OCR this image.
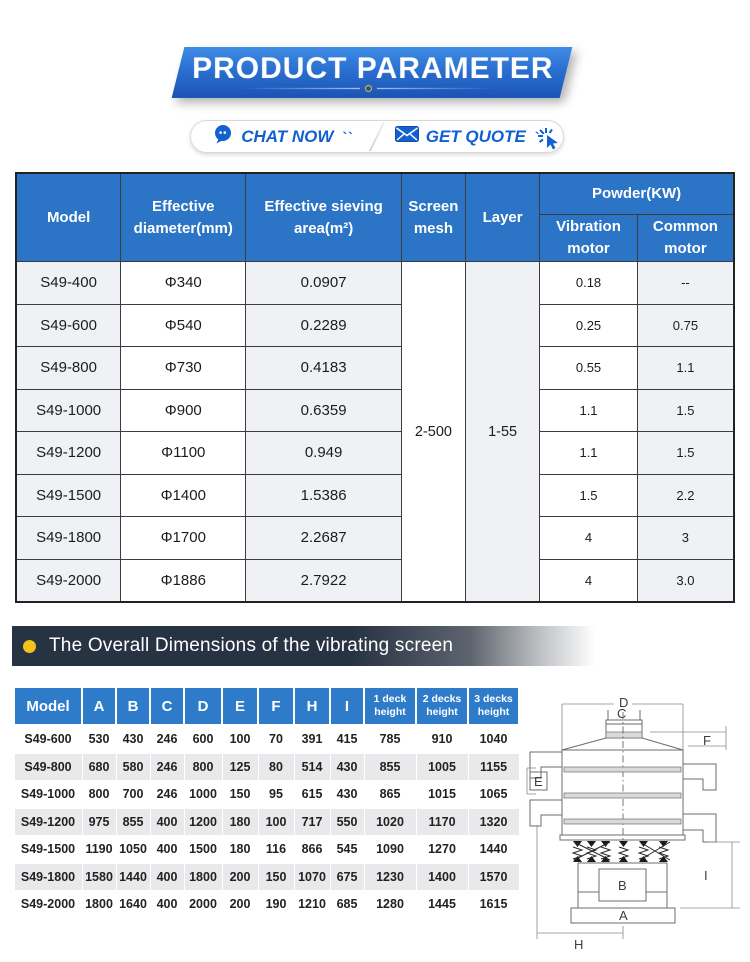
PRODUCT PARAMETER
CHAT NOW ``	GET QUOTE ``
Model	Effective diameter(mm)	Effective sieving area(m²)	Screen mesh	Layer	Powder(KW)	
					Vibration motor	Common motor
S49-400	Φ340	0.0907	2-500	1-55	0.18	--
S49-600	Φ540	0.2289			0.25	0.75
S49-800	Φ730	0.4183			0.55	1.1
S49-1000	Φ900	0.6359			1.1	1.5
S49-1200	Φ1100	0.949			1.1	1.5
S49-1500	Φ1400	1.5386			1.5	2.2
S49-1800	Φ1700	2.2687			4	3
S49-2000	Φ1886	2.7922			4	3.0
The Overall Dimensions of the vibrating screen
Model	A	B	C	D	E	F	H	I	1 deck height	2 decks height	3 decks height
S49-600	530	430	246	600	100	70	391	415	785	910	1040
S49-800	680	580	246	800	125	80	514	430	855	1005	1155
S49-1000	800	700	246	1000	150	95	615	430	865	1015	1065
S49-1200	975	855	400	1200	180	100	717	550	1020	1170	1320
S49-1500	1190	1050	400	1500	180	116	866	545	1090	1270	1440
S49-1800	1580	1440	400	1800	200	150	1070	675	1230	1400	1570
S49-2000	1800	1640	400	2000	200	190	1210	685	1280	1445	1615
D
C
F
E
B
A
H
I
